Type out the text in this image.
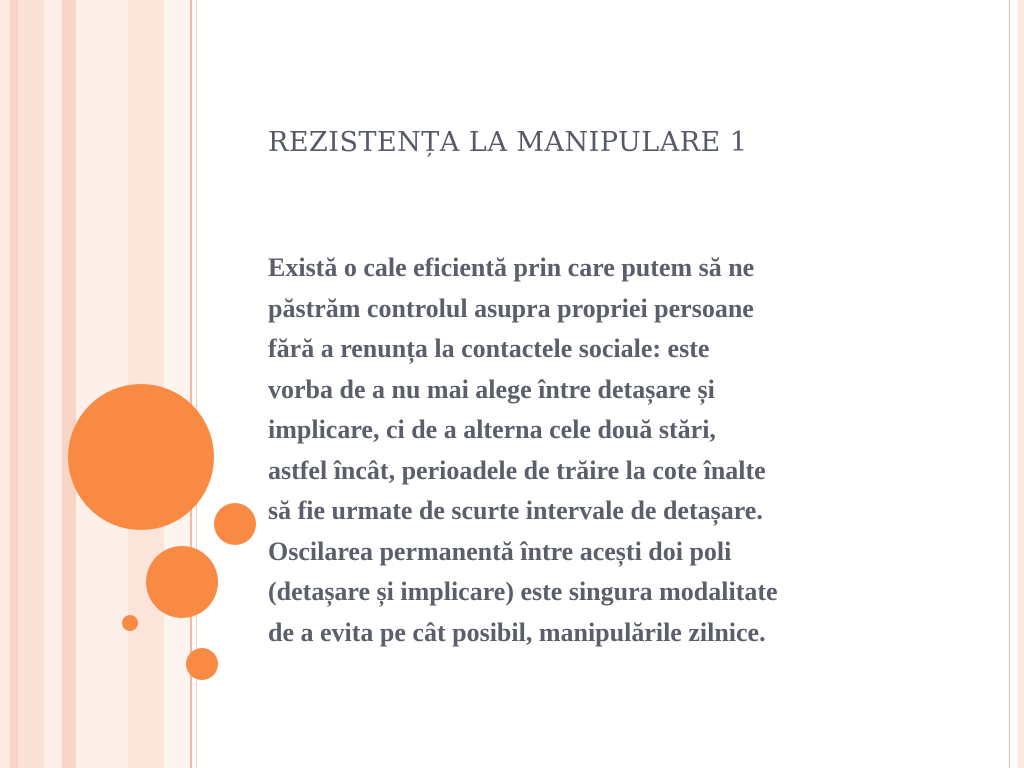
REZISTENȚA LA MANIPULARE 1

Există o cale eficientă prin care putem să ne
păstrăm controlul asupra propriei persoane
fără a renunța la contactele sociale: este
vorba de a nu mai alege între detașare și
implicare, ci de a alterna cele două stări,
astfel încât, perioadele de trăire la cote înalte
să fie urmate de scurte intervale de detașare.
Oscilarea permanentă între acești doi poli
(detașare și implicare) este singura modalitate
de a evita pe cât posibil, manipulările zilnice.
